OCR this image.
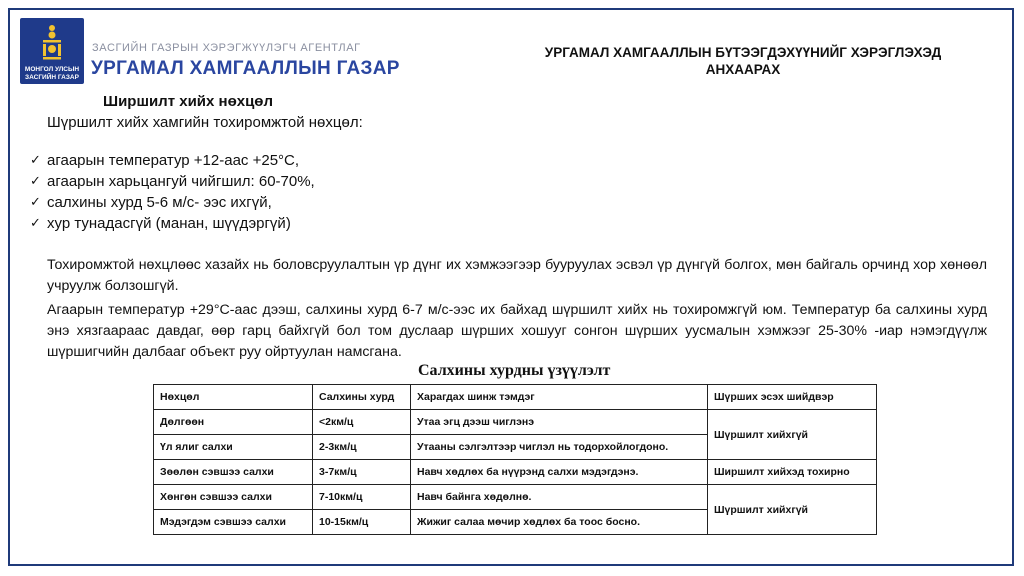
МОНГОЛ УЛСЫН
ЗАСГИЙН ГАЗАР
ЗАСГИЙН ГАЗРЫН ХЭРЭГЖҮҮЛЭГЧ АГЕНТЛАГ
УРГАМАЛ ХАМГААЛЛЫН ГАЗАР
УРГАМАЛ ХАМГААЛЛЫН БҮТЭЭГДЭХҮҮНИЙГ ХЭРЭГЛЭХЭД
АНХААРАХ
Ширшилт хийх нөхцөл
Шүршилт хийх хамгийн тохиромжтой нөхцөл:
✓ агаарын температур +12-аас +25°С,
✓ агаарын харьцангуй чийгшил: 60-70%,
✓ салхины хурд 5-6 м/с- ээс ихгүй,
✓ хур тунадасгүй (манан, шүүдэргүй)

Тохиромжтой нөхцлөөс хазайх нь боловсруулалтын үр дүнг их хэмжээгээр бууруулах эсвэл үр дүнгүй болгох, мөн байгаль орчинд хор хөнөөл учруулж болзошгүй.

Агаарын температур +29°С-аас дээш, салхины хурд 6-7 м/с-ээс их байхад шүршилт хийх нь тохиромжгүй юм. Температур ба салхины хурд энэ хязгаараас давдаг, өөр гарц байхгүй бол том дуслаар шүрших хошууг сонгон шүрших уусмалын хэмжээг 25-30% -иар нэмэгдүүлж шүршигчийн далбааг объект руу ойртуулан намсгана.

Салхины хурдны үзүүлэлт
Нөхцөл	Салхины хурд	Харагдах шинж тэмдэг	Шүрших эсэх шийдвэр
Дөлгөөн	<2км/ц	Утаа эгц дээш чиглэнэ	Шүршилт хийхгүй
Үл ялиг салхи	2-3км/ц	Утааны сэлгэлтээр чиглэл нь тодорхойлогдоно.	
Зөөлөн сэвшээ салхи	3-7км/ц	Навч хөдлөх ба нүүрэнд салхи мэдэгдэнэ.	Ширшилт хийхэд тохирно
Хөнгөн сэвшээ салхи	7-10км/ц	Навч байнга хөдөлнө.	Шүршилт хийхгүй
Мэдэгдэм сэвшээ салхи	10-15км/ц	Жижиг салаа мөчир хөдлөх ба тоос босно.	
